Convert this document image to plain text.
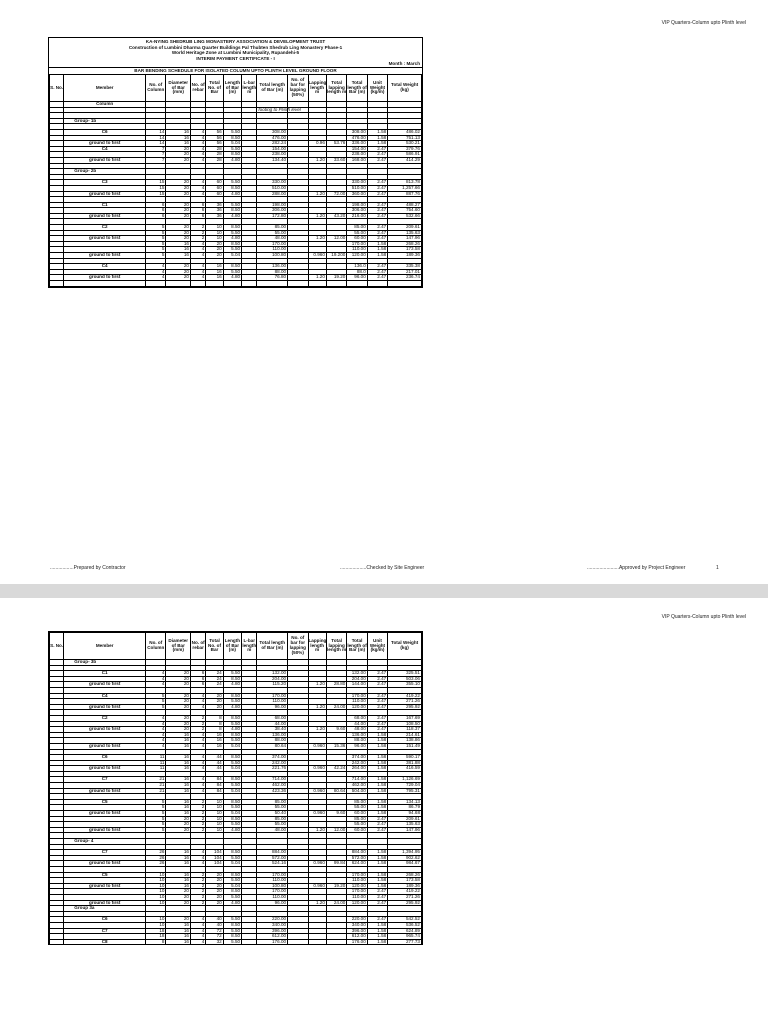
VIP Quarters-Column upto Plinth level
KA-NYING SHEDRUB LING MONASTERY ASSOCIATION & DEVELOPMENT TRUST
Construction of Lumbini Dharma Quarter Buildings Pal Thubten Shedrub Ling Monastery Phase-1
World Heritage Zone at Lumbini Municipality, Rupandehi-5
INTERIM PAYMENT CERTIFICATE - I
Month : March
BAR BENDING SCHEDULE FOR ISOLATED COLUMN UPTO PLINTH LEVEL GROUND FLOOR
S. No.	Member	No. of Column	Diameter of Bar (mm)	No. of rebar	Total No. of Bar	Length of Bar (m)	L-bar length m	Total length of Bar (m)	No. of bar for lapping (50%)	Lapping length m	Total lapping length m	Total length of Bar (m)	Unit Weight (kg/m)	Total Weight (kg)
	Column													
								footing to Plinth level						

	Group- 1b													

	C6	14	16	4	56	5.50		308.00				308.00	1.58	486.02
		14	16	4	56	8.50		476.00				476.00	1.58	751.13
	ground to first	14	16	4	56	5.04		282.24		0.96	53.76	336.00	1.58	530.21
	C4	7	20	4	28	5.50		154.00				154.00	2.47	379.76
		7	20	4	28	8.50		238.00				238.00	2.47	586.91
	ground to first	7	20	4	28	4.80		134.40		1.20	33.60	168.00	2.47	414.29

	Group- 2b													

	C3	15	20	4	60	5.50		330.00				330.00	2.47	813.78
		15	20	4	60	8.50		510.00				510.00	2.47	1,257.66
	ground to first	15	20	4	60	4.80		288.00		1.20	72.00	360.00	2.47	887.76

	C1	6	20	6	36	5.50		198.00				198.00	2.47	488.27
		6	20	6	36	8.50		306.00				306.00	2.47	754.60
	ground to first	6	20	6	36	4.80		172.80		1.20	43.20	216.00	2.47	532.66

	C2	5	20	2	10	8.50		85.00				85.00	2.47	209.61
		5	20	2	10	5.50		55.00				55.00	2.47	135.63
	ground to first	5	20	2	10	4.80		48.00		1.20	12.00	60.00	2.47	147.96
		5	16	4	20	8.50		170.00				170.00	1.58	268.26
		5	16	4	20	5.50		110.00				110.00	1.58	173.58
	ground to first	5	16	4	20	5.04		100.80		0.960	19.200	120.00	1.58	189.36

	C4	4	20	4	16	8.50		136.00				136.0	2.47	335.38
		4	20	4	16	5.50		88.00				88.0	2.47	217.01
	ground to first	4	20	4	16	4.80		76.80		1.20	19.20	96.00	2.47	236.74

.................Prepared by Contractor	...................Checked by Site Engineer	.......................Approved by Project Engineer	1
VIP Quarters-Column upto Plinth level
S. No.	Member	No. of Column	Diameter of Bar (mm)	No. of rebar	Total No. of Bar	Length of Bar (m)	L-bar length m	Total length of Bar (m)	No. of bar for lapping (50%)	Lapping length m	Total lapping length m	Total length of Bar (m)	Unit Weight (kg/m)	Total Weight (kg)
	Group- 3b													

	C1	4	20	6	24	5.50		132.00				132.00	2.47	325.51
		4	20	6	24	8.50		204.00				204.00	2.47	503.06
	ground to first	4	20	6	24	4.80		115.20		1.20	28.80	144.00	2.47	355.10

	C4	5	20	4	20	8.50		170.00				170.00	2.47	419.22
		5	20	4	20	5.50		110.00				110.00	2.47	271.26
	ground to first	5	20	4	20	4.80		96.00		1.20	24.00	120.00	2.47	295.92

	C2	4	20	2	8	8.50		68.00				68.00	2.47	167.69
		4	20	2	8	5.50		44.00				44.00	2.47	108.50
	ground to first	4	20	2	8	4.80		38.40		1.20	9.60	48.00	2.47	118.37
		4	16	4	16	8.50		136.00				136.00	1.58	214.61
		4	16	4	16	5.50		88.00				88.00	1.58	138.86
	ground to first	4	16	4	16	5.04		80.64		0.960	15.36	96.00	1.58	151.49

	C6	11	16	4	44	8.50		374.00				374.00	1.58	590.17
		11	16	4	44	5.50		242.00				242.00	1.58	381.88
	ground to first	11	16	4	44	5.04		221.76		0.960	42.24	264.00	1.58	416.59

	C7	21	16	4	84	8.50		714.00				714.00	1.58	1,126.69
		21	16	4	84	5.50		462.00				462.00	1.58	729.04
	ground to first	21	16	4	84	5.04		423.36		0.960	80.64	504.00	1.58	795.31

	C5	5	16	2	10	8.50		85.00				85.00	1.58	134.13
		5	16	2	10	5.50		55.00				55.00	1.58	86.79
	ground to first	5	16	2	10	5.04		50.40		0.960	9.60	60.00	1.58	94.68
		5	20	2	10	8.50		85.00				85.00	2.47	209.61
		5	20	2	10	5.50		55.00				55.00	2.47	135.63
	ground to first	5	20	2	10	4.80		48.00		1.20	12.00	60.00	2.47	147.96

	Group- 4													

	C7	26	16	4	104	8.50		884.00				884.00	1.58	1,394.95
		26	16	4	104	5.50		572.00				572.00	1.58	902.62
	ground to first	26	16	4	104	5.04		524.16		0.960	99.84	624.00	1.58	984.67

	C5	10	16	2	20	8.50		170.00				170.00	1.58	268.26
		10	16	2	20	5.50		110.00				110.00	1.58	173.58
	ground to first	10	16	2	20	5.04		100.80		0.960	19.20	120.00	1.58	189.36
		10	20	2	20	8.50		170.00				170.00	2.47	419.22
		10	20	2	20	5.50		110.00				110.00	2.47	271.26
	ground to first	10	20	2	20	4.80		96.00		1.20	24.00	120.00	2.47	295.92
	Group 3a													

	C6	10	20	4	40	5.50		220.00				220.00	2.47	542.52
		10	16	4	40	8.50		340.00				340.00	1.58	536.52
	C7	18	16	4	72	5.50		396.00				396.00	1.58	624.89
		18	16	4	72	8.50		612.00				612.00	1.58	965.74
	C8	8	16	4	32	5.50		176.00				176.00	1.58	277.73
